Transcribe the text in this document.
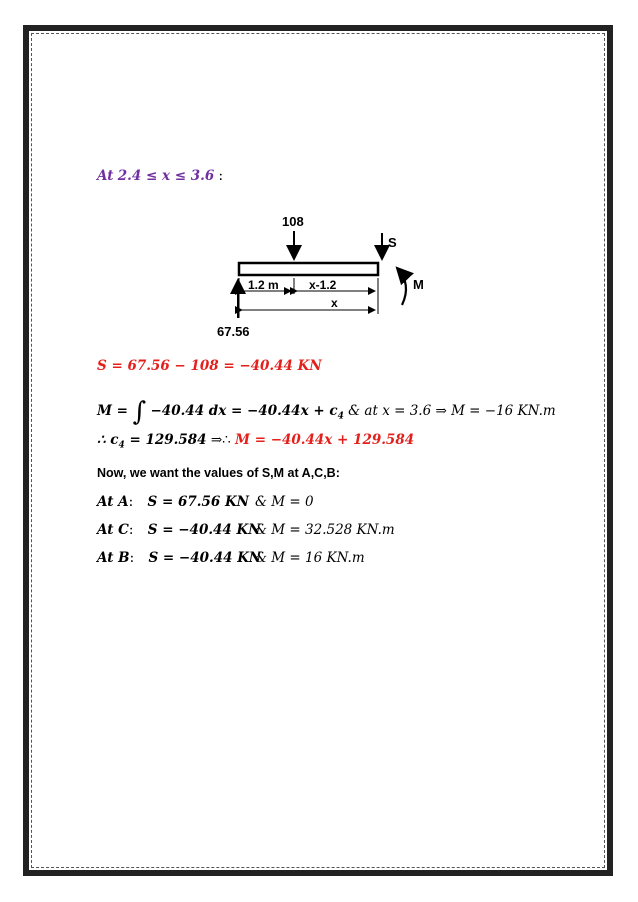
At 2.4 ≤ x ≤ 3.6 :
108
S
M
67.56
1.2 m	x-1.2
x
S = 67.56 − 108 = −40.44 KN
M = ∫ −40.44 dx = $-40.44x + c_4$ & at x = 3.6 ⇒ M = −16 KN.m
∴ $c_4 = 129.584$ ⇒∴ M = −40.44x + 129.584
Now, we want the values of S,M at A,C,B:
At A: S = 67.56 KN & M = 0
At C: S = −40.44 KN
& M = 32.528 KN.m
At B: S = −40.44 KN
& M = 16 KN.m
